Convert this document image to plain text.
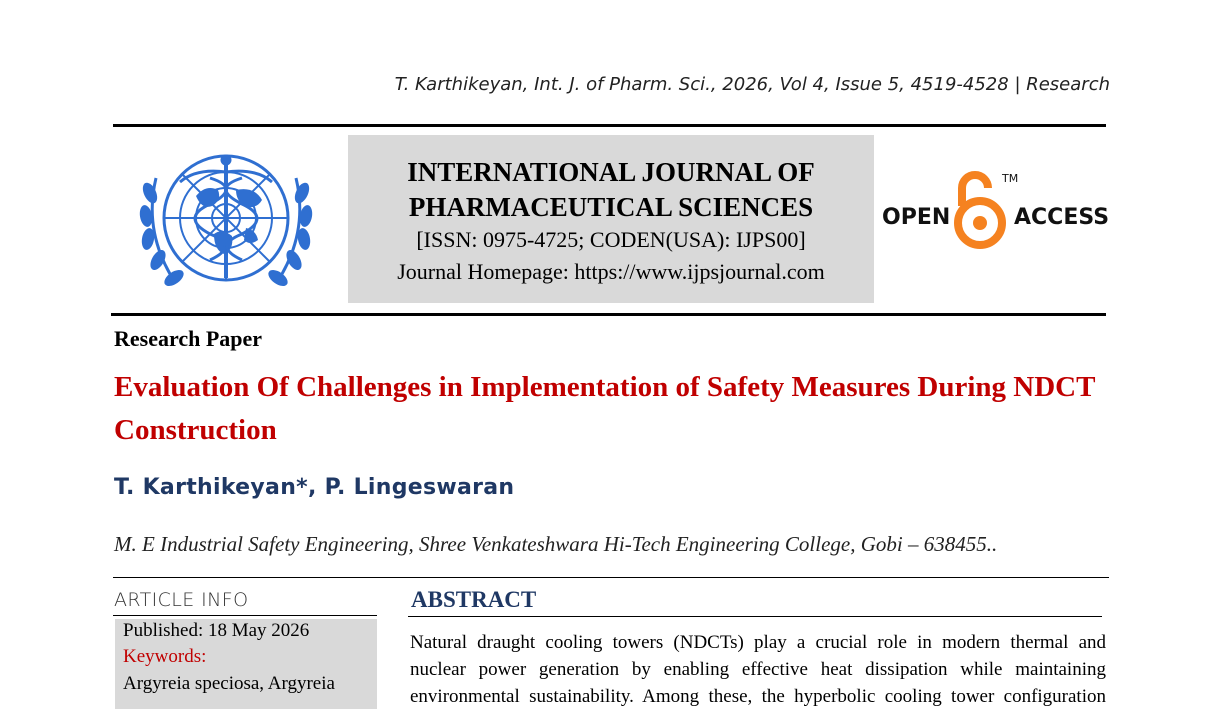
T. Karthikeyan, Int. J. of Pharm. Sci., 2026, Vol 4, Issue 5, 4519-4528 | Research
INTERNATIONAL JOURNAL OF
PHARMACEUTICAL SCIENCES
[ISSN: 0975-4725; CODEN(USA): IJPS00]
Journal Homepage: https://www.ijpsjournal.com
OPEN	ACCESS
TM
Research Paper
Evaluation Of Challenges in Implementation of Safety Measures During NDCT Construction
T. Karthikeyan*, P. Lingeswaran
M. E Industrial Safety Engineering, Shree Venkateshwara Hi-Tech Engineering College, Gobi – 638455..
ARTICLE INFO
Published: 18 May 2026
Keywords:
Argyreia speciosa, Argyreia
ABSTRACT
Natural draught cooling towers (NDCTs) play a crucial role in modern thermal and
nuclear power generation by enabling effective heat dissipation while maintaining
environmental sustainability. Among these, the hyperbolic cooling tower configuration
